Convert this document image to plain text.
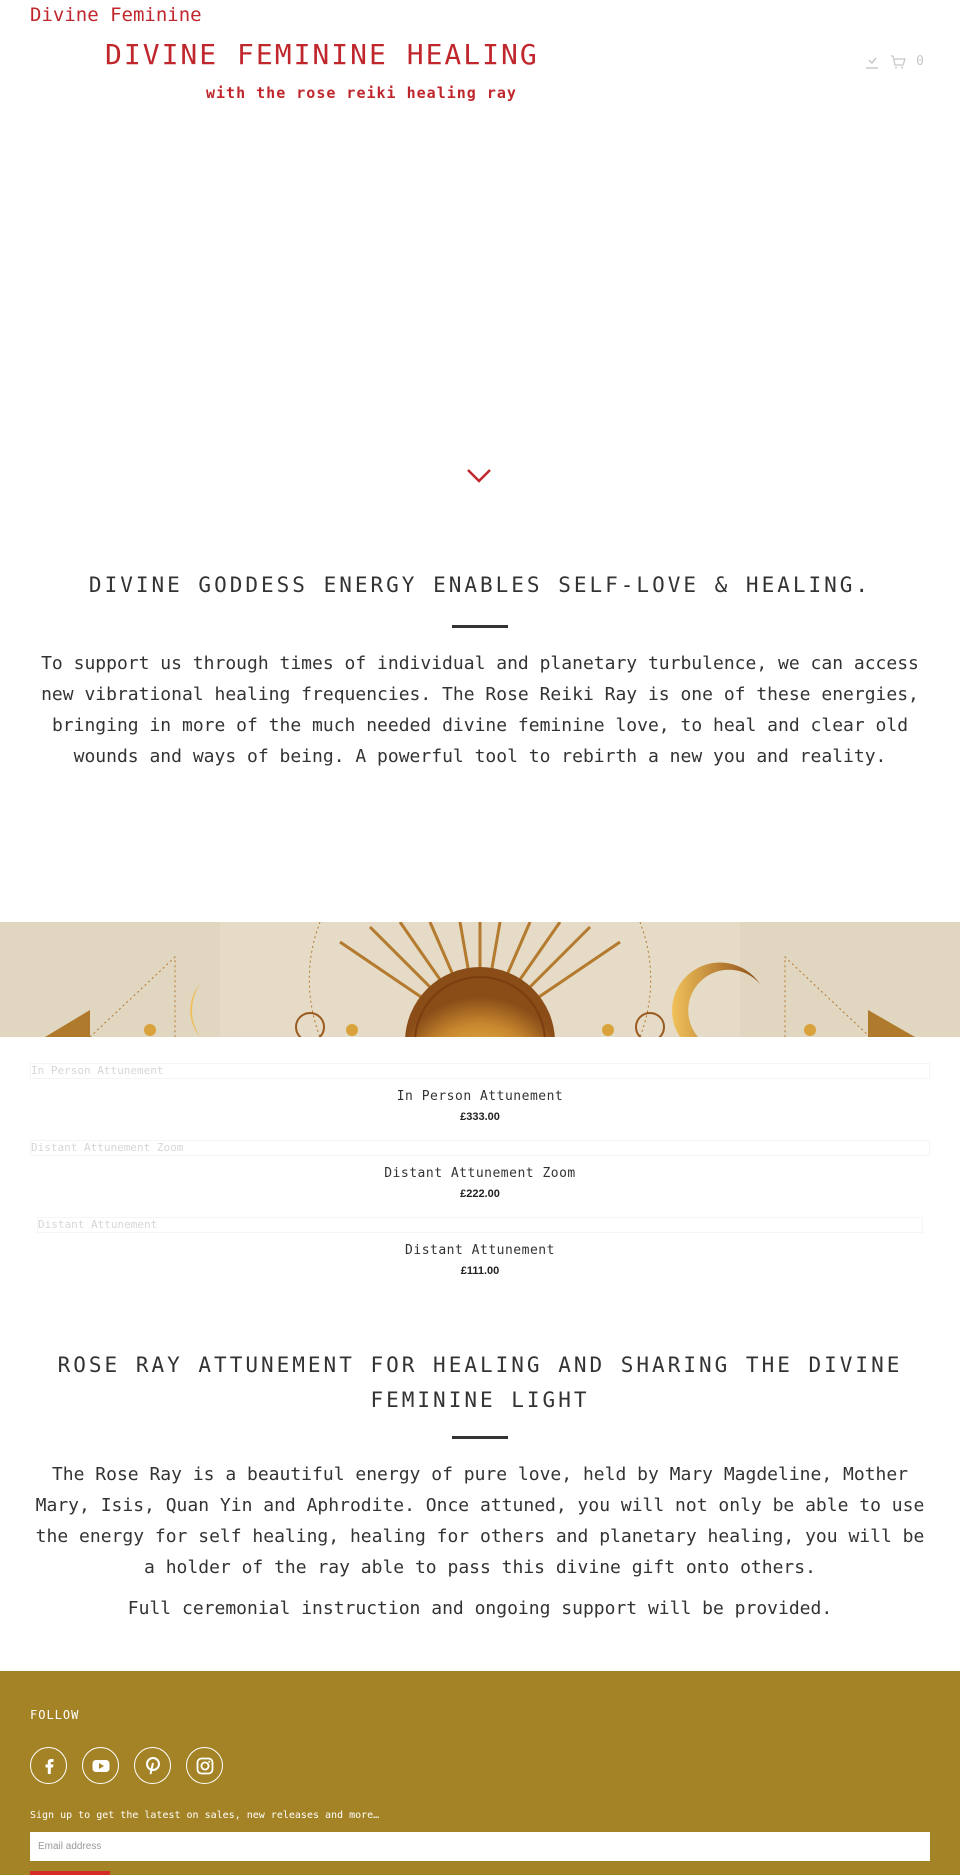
Divine Feminine
DIVINE FEMININE HEALING
with the rose reiki healing ray
0
DIVINE GODDESS ENERGY ENABLES SELF-LOVE & HEALING.

To support us through times of individual and planetary turbulence, we can access new vibrational healing frequencies. The Rose Reiki Ray is one of these energies, bringing in more of the much needed divine feminine love, to heal and clear old wounds and ways of being. A powerful tool to rebirth a new you and reality.

In Person Attunement
In Person Attunement
£333.00
Distant Attunement Zoom
Distant Attunement Zoom
£222.00
Distant Attunement
Distant Attunement
£111.00
ROSE RAY ATTUNEMENT FOR HEALING AND SHARING THE DIVINE FEMININE LIGHT

The Rose Ray is a beautiful energy of pure love, held by Mary Magdeline, Mother Mary, Isis, Quan Yin and Aphrodite. Once attuned, you will not only be able to use the energy for self healing, healing for others and planetary healing, you will be a holder of the ray able to pass this divine gift onto others.

Full ceremonial instruction and ongoing support will be provided.

FOLLOW
Sign up to get the latest on sales, new releases and more…
Email address
